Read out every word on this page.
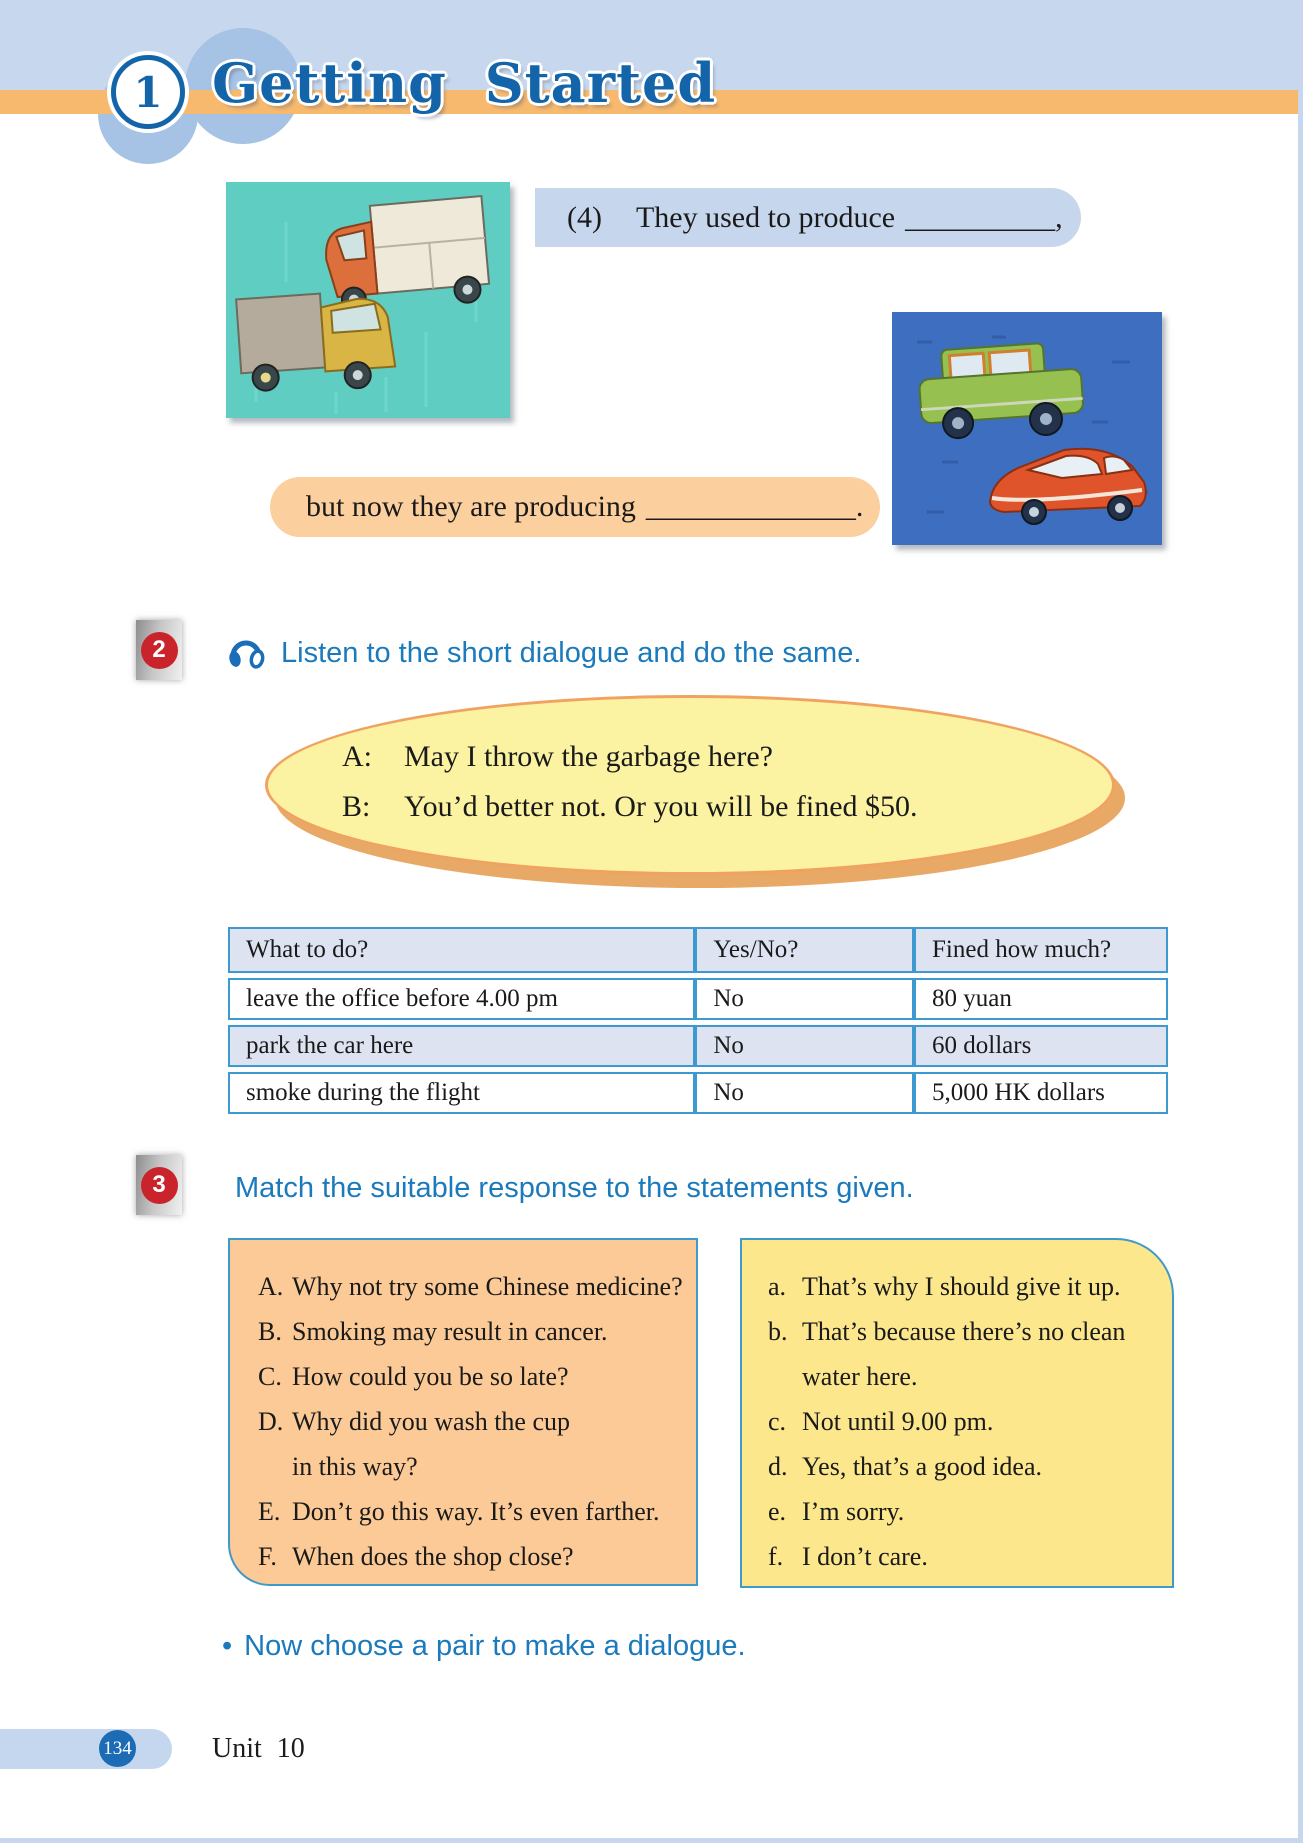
1 Getting Started
(4) They used to produce __________ ,
but now they are producing ______________ .
2	Listen to the short dialogue and do the same.
A: May I throw the garbage here?
B: You’d better not. Or you will be fined $50.
What to do?	Yes/No?	Fined how much?
leave the office before 4.00 pm	No	80 yuan
park the car here	No	60 dollars
smoke during the flight	No	5,000 HK dollars
3 Match the suitable response to the statements given.
A. Why not try some Chinese medicine?
B. Smoking may result in cancer.
C. How could you be so late?
D. Why did you wash the cup
in this way?
E. Don’t go this way. It’s even farther.
F. When does the shop close?
a. That’s why I should give it up.
b. That’s because there’s no clean
water here.
c. Not until 9.00 pm.
d. Yes, that’s a good idea.
e. I’m sorry.
f. I don’t care.
• Now choose a pair to make a dialogue.
134	Unit 10
